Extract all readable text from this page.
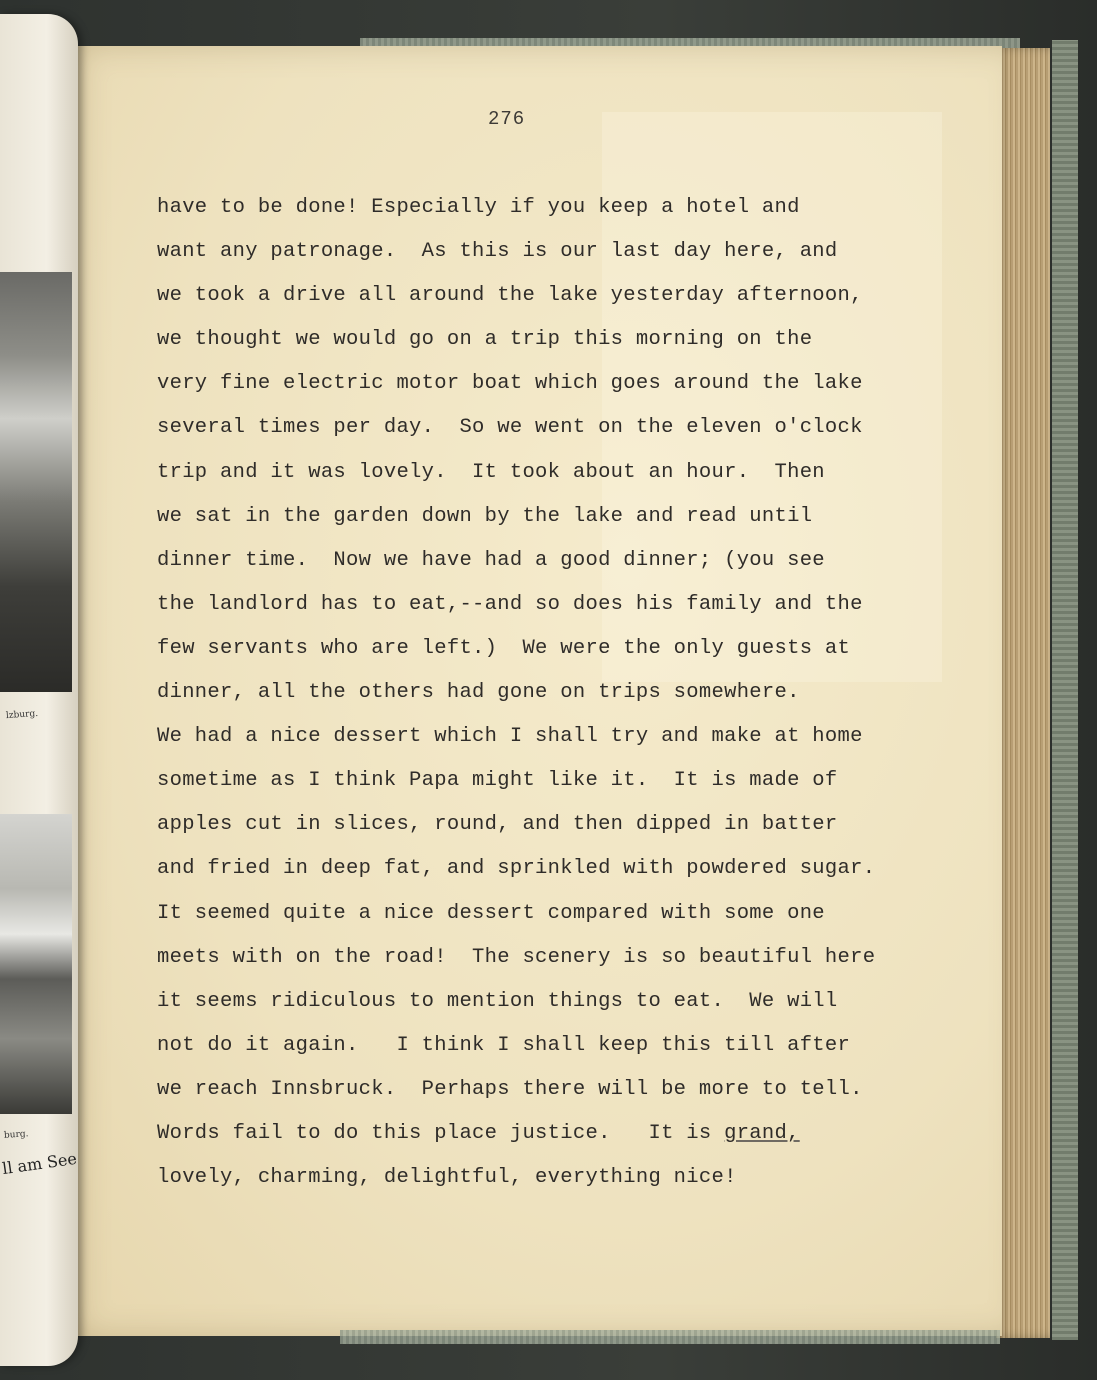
lzburg.
burg.
ll am See
276
have to be done! Especially if you keep a hotel and
want any patronage.  As this is our last day here, and
we took a drive all around the lake yesterday afternoon,
we thought we would go on a trip this morning on the
very fine electric motor boat which goes around the lake
several times per day.  So we went on the eleven o'clock
trip and it was lovely.  It took about an hour.  Then
we sat in the garden down by the lake and read until
dinner time.  Now we have had a good dinner; (you see
the landlord has to eat,--and so does his family and the
few servants who are left.)  We were the only guests at
dinner, all the others had gone on trips somewhere.
We had a nice dessert which I shall try and make at home
sometime as I think Papa might like it.  It is made of
apples cut in slices, round, and then dipped in batter
and fried in deep fat, and sprinkled with powdered sugar.
It seemed quite a nice dessert compared with some one
meets with on the road!  The scenery is so beautiful here
it seems ridiculous to mention things to eat.  We will
not do it again.   I think I shall keep this till after
we reach Innsbruck.  Perhaps there will be more to tell.
Words fail to do this place justice.   It is grand,
lovely, charming, delightful, everything nice!
